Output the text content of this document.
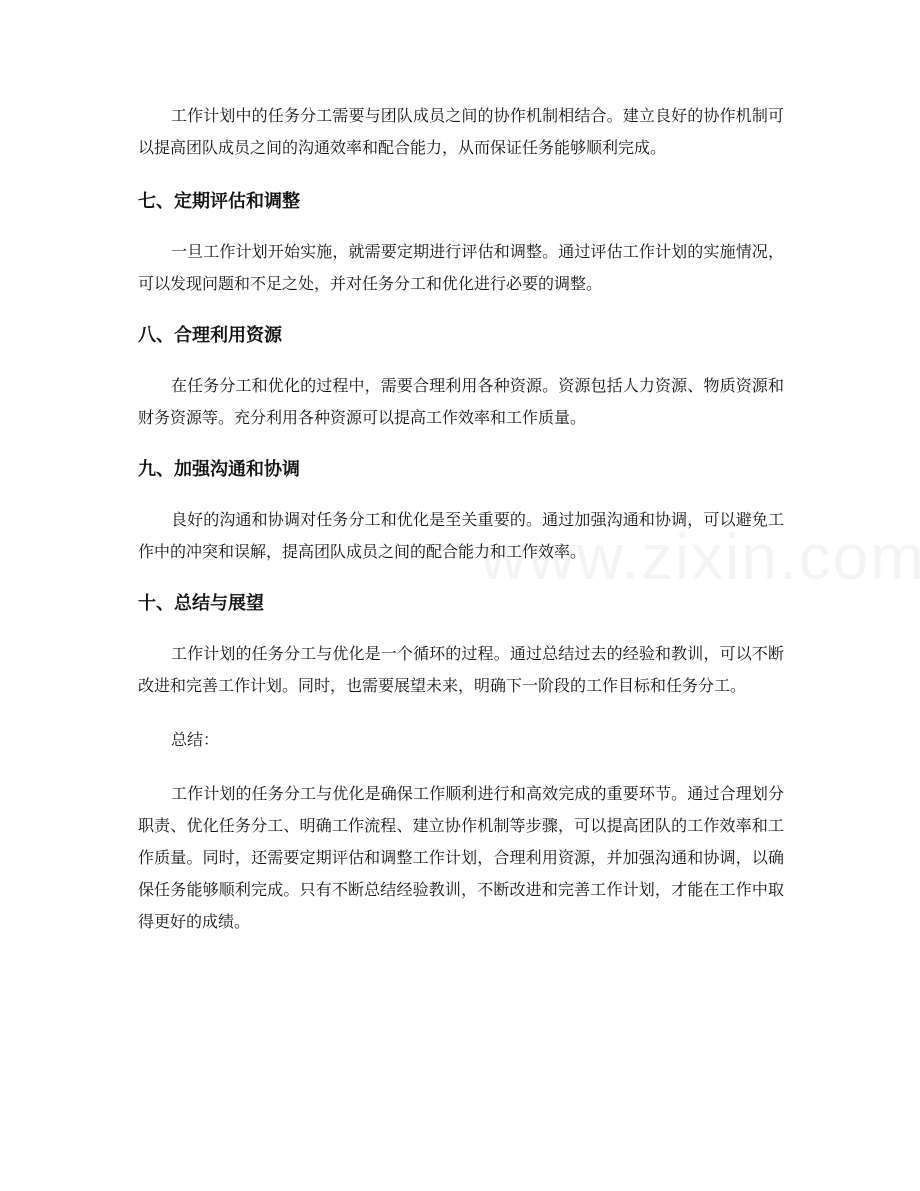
工作计划中的任务分工需要与团队成员之间的协作机制相结合。建立良好的协作机制可以提高团队成员之间的沟通效率和配合能力，从而保证任务能够顺利完成。

七、定期评估和调整

一旦工作计划开始实施，就需要定期进行评估和调整。通过评估工作计划的实施情况，可以发现问题和不足之处，并对任务分工和优化进行必要的调整。

八、合理利用资源

在任务分工和优化的过程中，需要合理利用各种资源。资源包括人力资源、物质资源和财务资源等。充分利用各种资源可以提高工作效率和工作质量。

九、加强沟通和协调

良好的沟通和协调对任务分工和优化是至关重要的。通过加强沟通和协调，可以避免工作中的冲突和误解，提高团队成员之间的配合能力和工作效率。

十、总结与展望

工作计划的任务分工与优化是一个循环的过程。通过总结过去的经验和教训，可以不断改进和完善工作计划。同时，也需要展望未来，明确下一阶段的工作目标和任务分工。

总结：

工作计划的任务分工与优化是确保工作顺利进行和高效完成的重要环节。通过合理划分职责、优化任务分工、明确工作流程、建立协作机制等步骤，可以提高团队的工作效率和工作质量。同时，还需要定期评估和调整工作计划，合理利用资源，并加强沟通和协调，以确保任务能够顺利完成。只有不断总结经验教训，不断改进和完善工作计划，才能在工作中取得更好的成绩。
